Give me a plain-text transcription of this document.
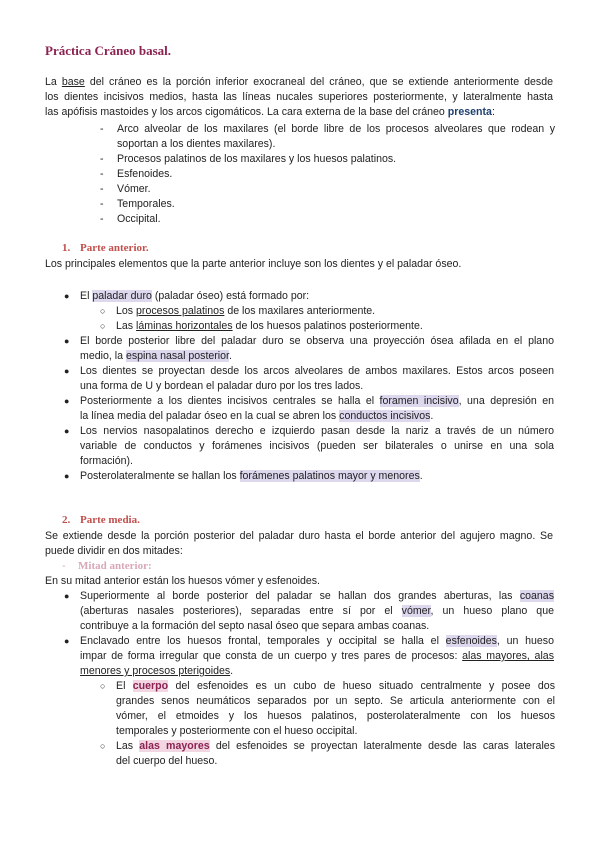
Práctica Cráneo basal.
La base del cráneo es la porción inferior exocraneal del cráneo, que se extiende anteriormente desde
los dientes incisivos medios, hasta las líneas nucales superiores posteriormente, y lateralmente hasta
las apófisis mastoides y los arcos cigomáticos. La cara externa de la base del cráneo presenta:
- Arco alveolar de los maxilares (el borde libre de los procesos alveolares que rodean y soportan a los dientes maxilares).
- Procesos palatinos de los maxilares y los huesos palatinos.
- Esfenoides.
- Vómer.
- Temporales.
- Occipital.
1. Parte anterior.
Los principales elementos que la parte anterior incluye son los dientes y el paladar óseo.
● El paladar duro (paladar óseo) está formado por:
○ Los procesos palatinos de los maxilares anteriormente.
○ Las láminas horizontales de los huesos palatinos posteriormente.
● El borde posterior libre del paladar duro se observa una proyección ósea afilada en el plano
medio, la espina nasal posterior.
● Los dientes se proyectan desde los arcos alveolares de ambos maxilares. Estos arcos poseen
una forma de U y bordean el paladar duro por los tres lados.
● Posteriormente a los dientes incisivos centrales se halla el foramen incisivo, una depresión en
la línea media del paladar óseo en la cual se abren los conductos incisivos.
● Los nervios nasopalatinos derecho e izquierdo pasan desde la nariz a través de un número
variable de conductos y forámenes incisivos (pueden ser bilaterales o unirse en una sola
formación).
● Posterolateralmente se hallan los forámenes palatinos mayor y menores.
2. Parte media.
Se extiende desde la porción posterior del paladar duro hasta el borde anterior del agujero magno. Se
puede dividir en dos mitades:
- Mitad anterior:
En su mitad anterior están los huesos vómer y esfenoides.
● Superiormente al borde posterior del paladar se hallan dos grandes aberturas, las coanas
(aberturas nasales posteriores), separadas entre sí por el vómer, un hueso plano que
contribuye a la formación del septo nasal óseo que separa ambas coanas.
● Enclavado entre los huesos frontal, temporales y occipital se halla el esfenoides, un hueso
impar de forma irregular que consta de un cuerpo y tres pares de procesos: alas mayores, alas
menores y procesos pterigoides.
○ El cuerpo del esfenoides es un cubo de hueso situado centralmente y posee dos
grandes senos neumáticos separados por un septo. Se articula anteriormente con el
vómer, el etmoides y los huesos palatinos, posterolateralmente con los huesos
temporales y posteriormente con el hueso occipital.
○ Las alas mayores del esfenoides se proyectan lateralmente desde las caras laterales
del cuerpo del hueso.
